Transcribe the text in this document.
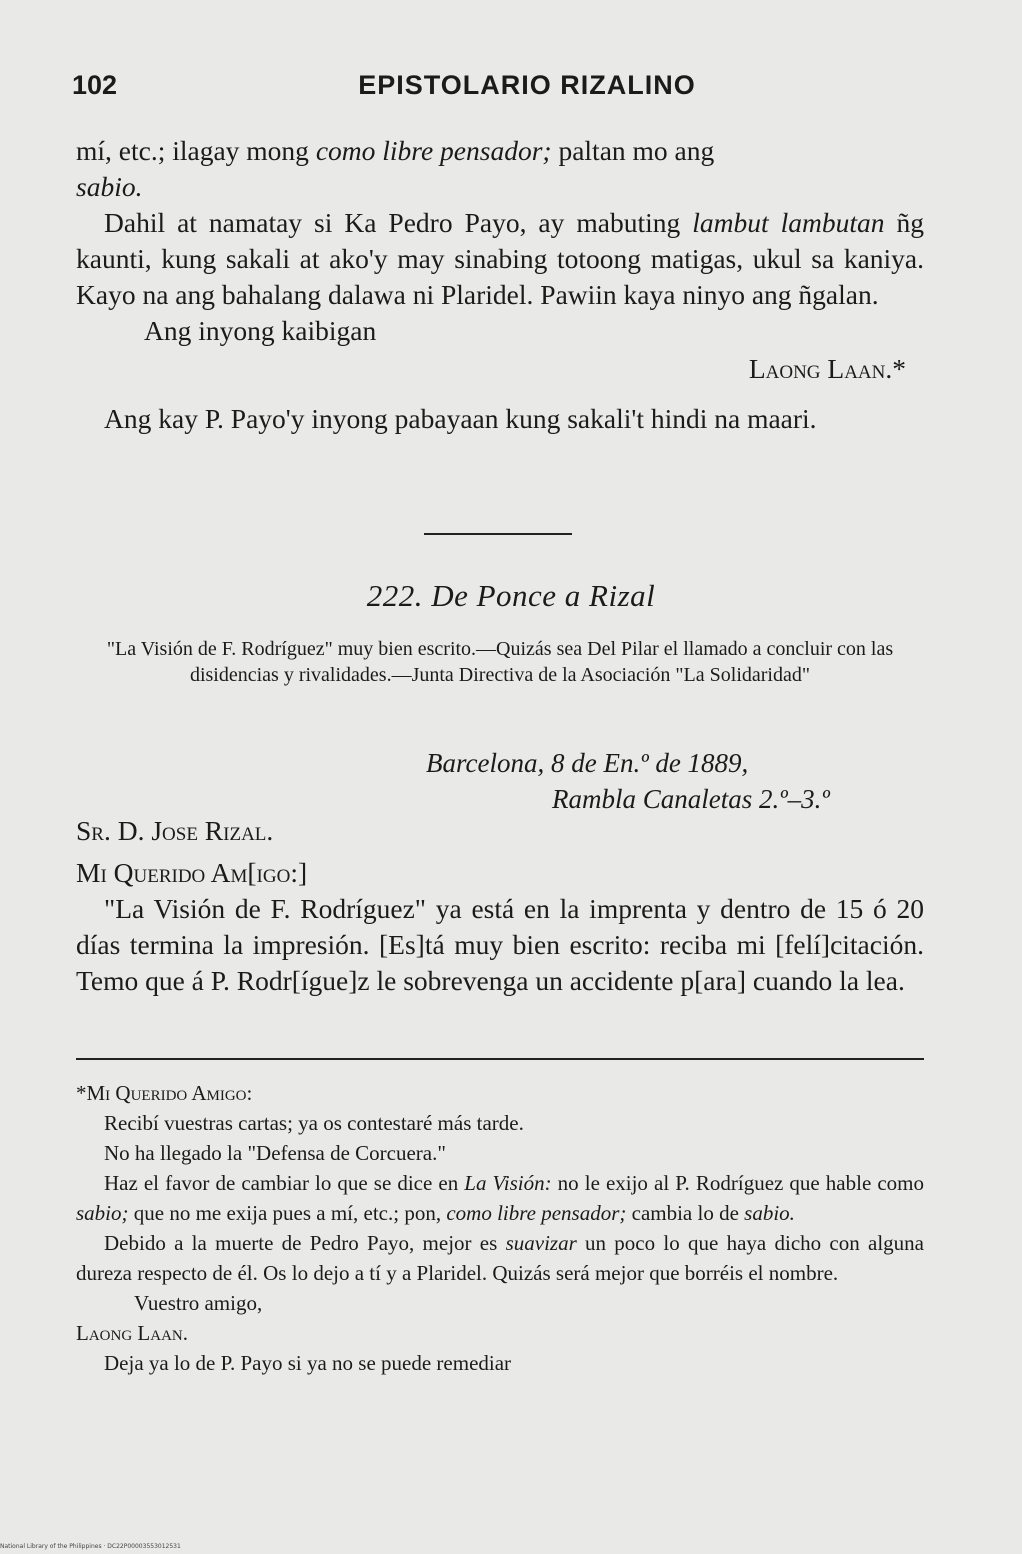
102	EPISTOLARIO RIZALINO

mí, etc.; ilagay mong como libre pensador; paltan mo ang
sabio.

Dahil at namatay si Ka Pedro Payo, ay mabuting lambut lambutan ñg kaunti, kung sakali at ako'y may sinabing totoong matigas, ukul sa kaniya. Kayo na ang bahalang dalawa ni Plaridel. Pawiin kaya ninyo ang ñgalan.

Ang inyong kaibigan

Laong Laan.*

Ang kay P. Payo'y inyong pabayaan kung sakali't hindi na maari.

222. De Ponce a Rizal
"La Visión de F. Rodríguez" muy bien escrito.—Quizás sea Del Pilar el llamado a concluir con las disidencias y rivalidades.—Junta Directiva de la Asociación "La Solidaridad"
Barcelona, 8 de En.º de 1889,
Rambla Canaletas 2.º–3.º

Sr. D. Jose Rizal.

Mi Querido Am[igo:]

"La Visión de F. Rodríguez" ya está en la imprenta y dentro de 15 ó 20 días termina la impresión. [Es]tá muy bien escrito: reciba mi [felí]citación. Temo que á P. Rodr[ígue]z le sobrevenga un accidente p[ara] cuando la lea.

*Mi Querido Amigo:

Recibí vuestras cartas; ya os contestaré más tarde.

No ha llegado la "Defensa de Corcuera."

Haz el favor de cambiar lo que se dice en La Visión: no le exijo al P. Rodríguez que hable como sabio; que no me exija pues a mí, etc.; pon, como libre pensador; cambia lo de sabio.

Debido a la muerte de Pedro Payo, mejor es suavizar un poco lo que haya dicho con alguna dureza respecto de él. Os lo dejo a tí y a Plaridel. Quizás será mejor que borréis el nombre.

Vuestro amigo,

Laong Laan.

Deja ya lo de P. Payo si ya no se puede remediar

National Library of the Philippines · DC22P00003553012531
